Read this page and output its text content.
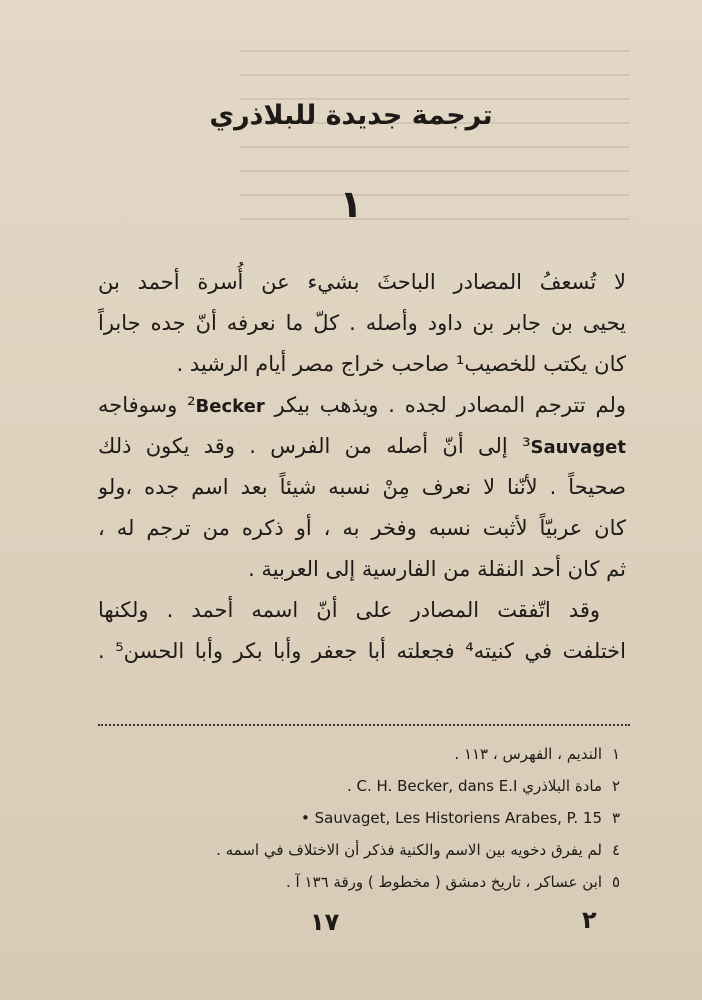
ترجمة جديدة للبلاذري
١
لا تُسعفُ المصادر الباحثَ بشيء عن أُسرة أحمد بن
يحيى بن جابر بن داود وأصله . كلّ ما نعرفه أنّ جده جابراً
كان يكتب للخصيب¹ صاحب خراج مصر أيام الرشيد .
ولم تترجم المصادر لجده . ويذهب بيكر Becker² وسوفاجه
Sauvaget³ إلى أنّ أصله من الفرس . وقد يكون ذلك
صحيحاً . لأنّنا لا نعرف مِنْ نسبه شيئاً بعد اسم جده ،ولو
كان عربيّاً لأثبت نسبه وفخر به ، أو ذكره من ترجم له ،
ثم كان أحد النقلة من الفارسية إلى العربية .
وقد اتّفقت المصادر على أنّ اسمه أحمد . ولكنها
اختلفت في كنيته⁴ فجعلته أبا جعفر وأبا بكر وأبا الحسن⁵ .
١النديم ، الفهرس ، ١١٣ .
٢مادة البلاذري C. H. Becker, dans E.I .
٣Sauvaget, Les Historiens Arabes, P. 15 •
٤لم يفرق دخويه بين الاسم والكنية فذكر أن الاختلاف في اسمه .
٥ابن عساكر ، تاريخ دمشق ( مخطوط ) ورقة ١٣٦ آ .
١٧	٢
